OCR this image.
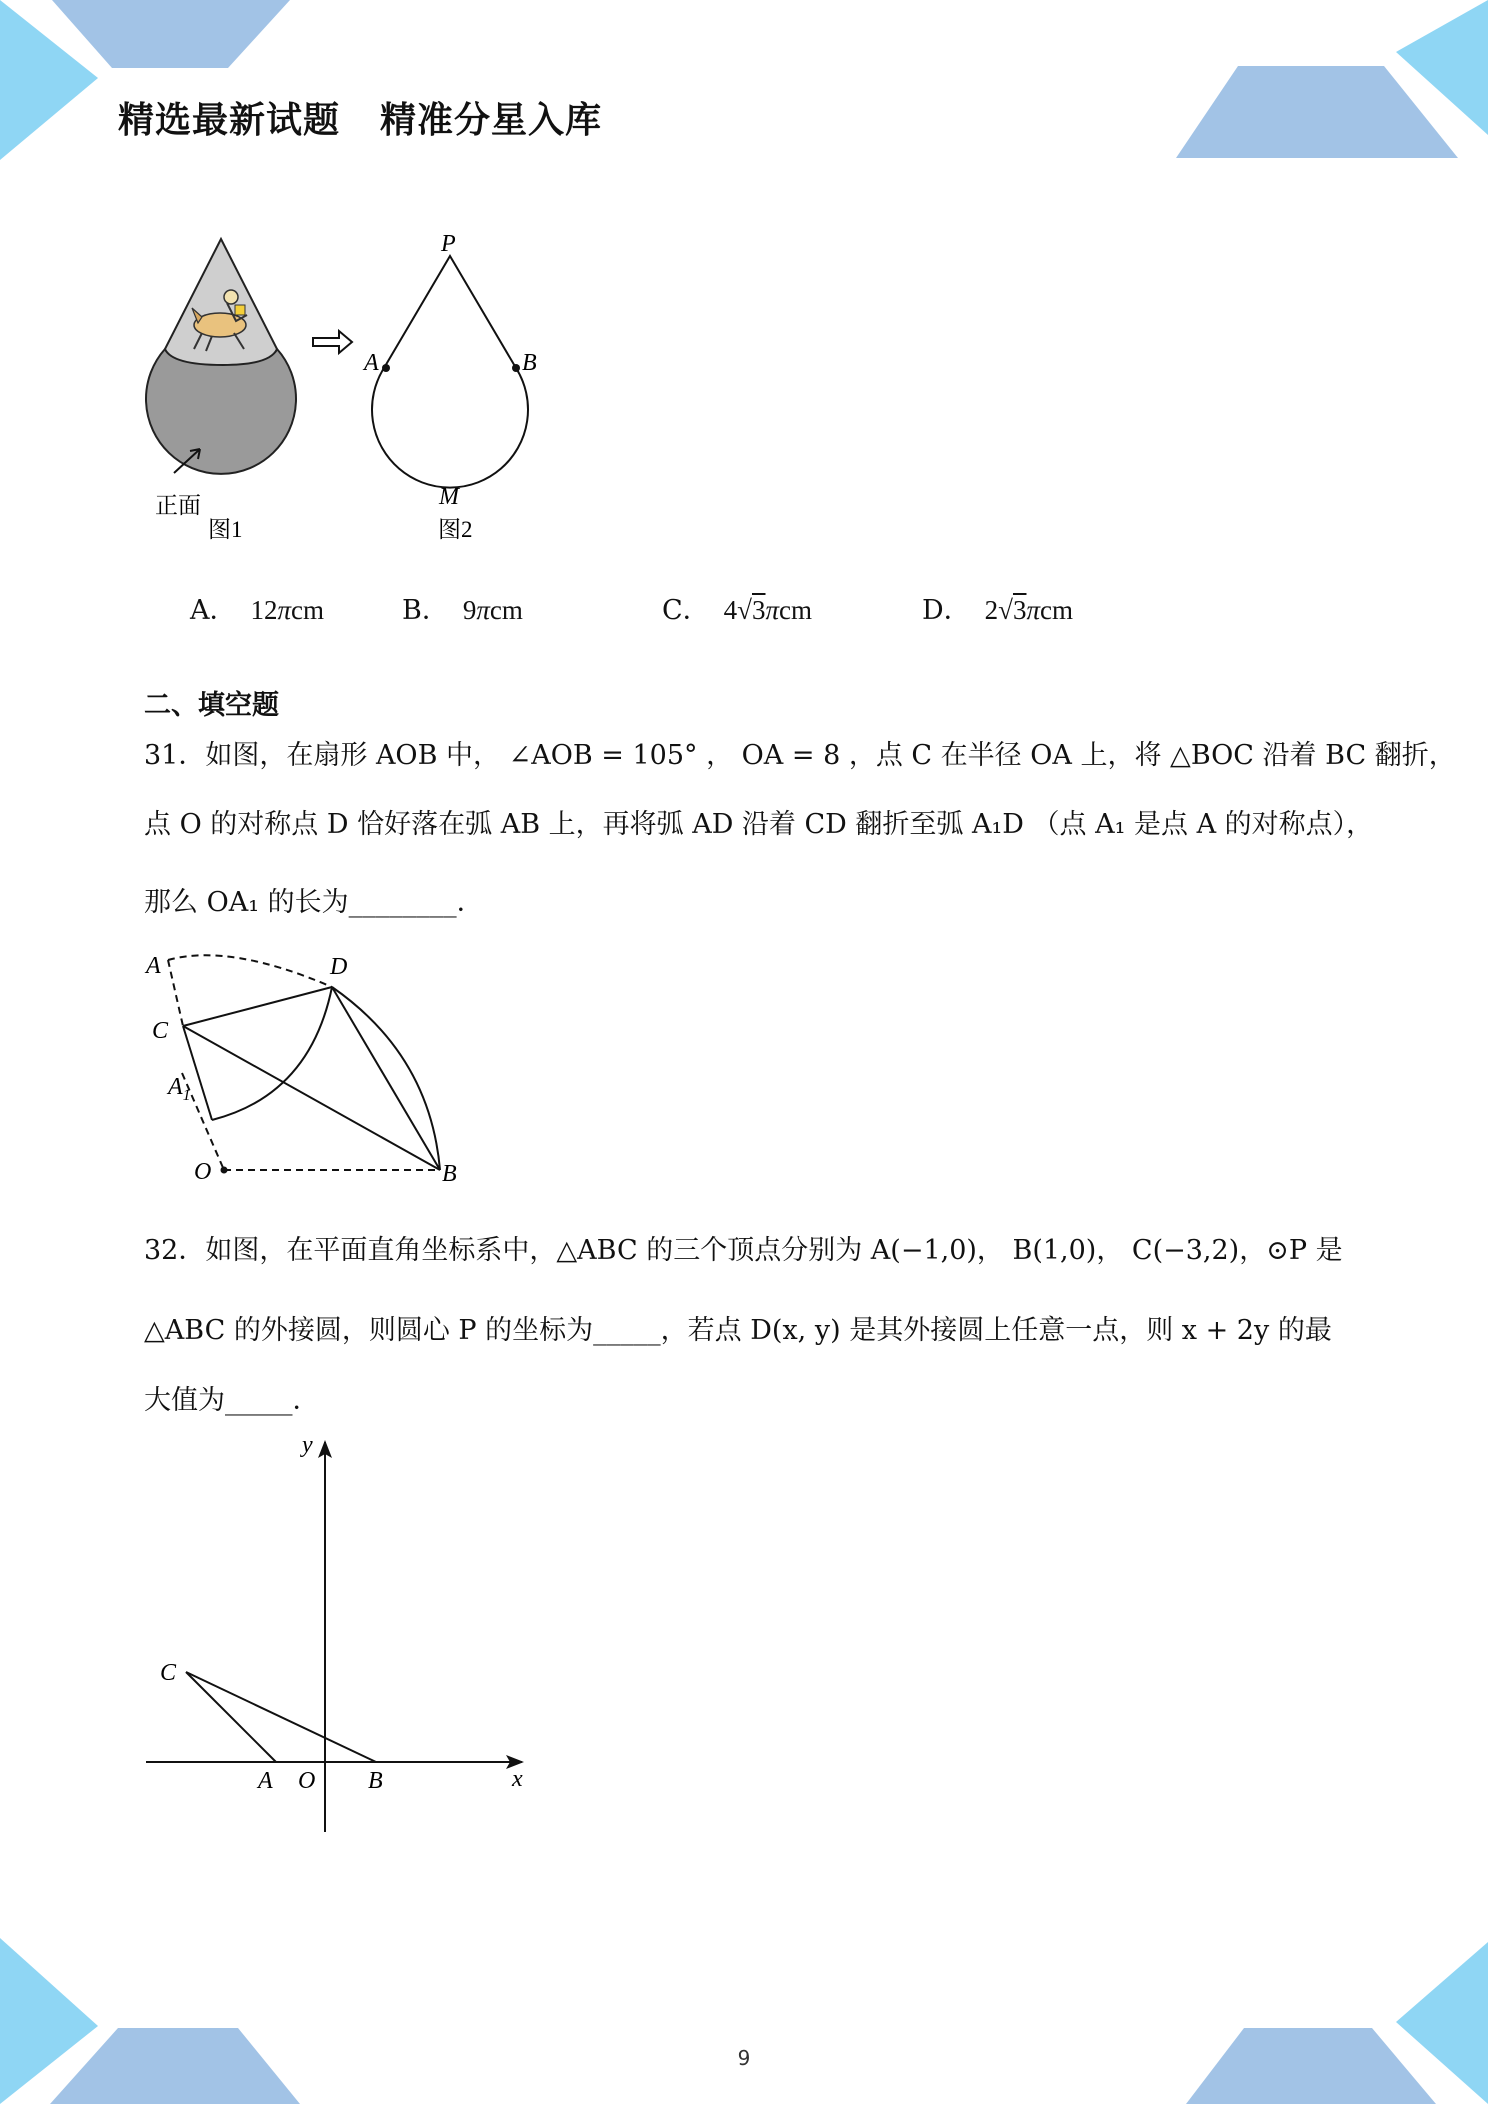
精选最新试题 精准分星入库
正面
图1
P
A	B
M
图2
A． 12πcm	B． 9πcm	C． 4√3πcm	D． 2√3πcm
二、填空题
31．如图，在扇形 AOB 中， ∠AOB = 105° ， OA = 8 ，点 C 在半径 OA 上，将 △BOC 沿着 BC 翻折，
点 O 的对称点 D 恰好落在弧 AB 上，再将弧 AD 沿着 CD 翻折至弧 A₁D （点 A₁ 是点 A 的对称点），
那么 OA₁ 的长为________．
A	D
C
$A_1$
O	B
32．如图，在平面直角坐标系中，△ABC 的三个顶点分别为 A(−1,0)， B(1,0)， C(−3,2)，⊙P 是
△ABC 的外接圆，则圆心 P 的坐标为_____，若点 D(x, y) 是其外接圆上任意一点，则 x + 2y 的最
大值为_____．
y
x
C
A O B
9
